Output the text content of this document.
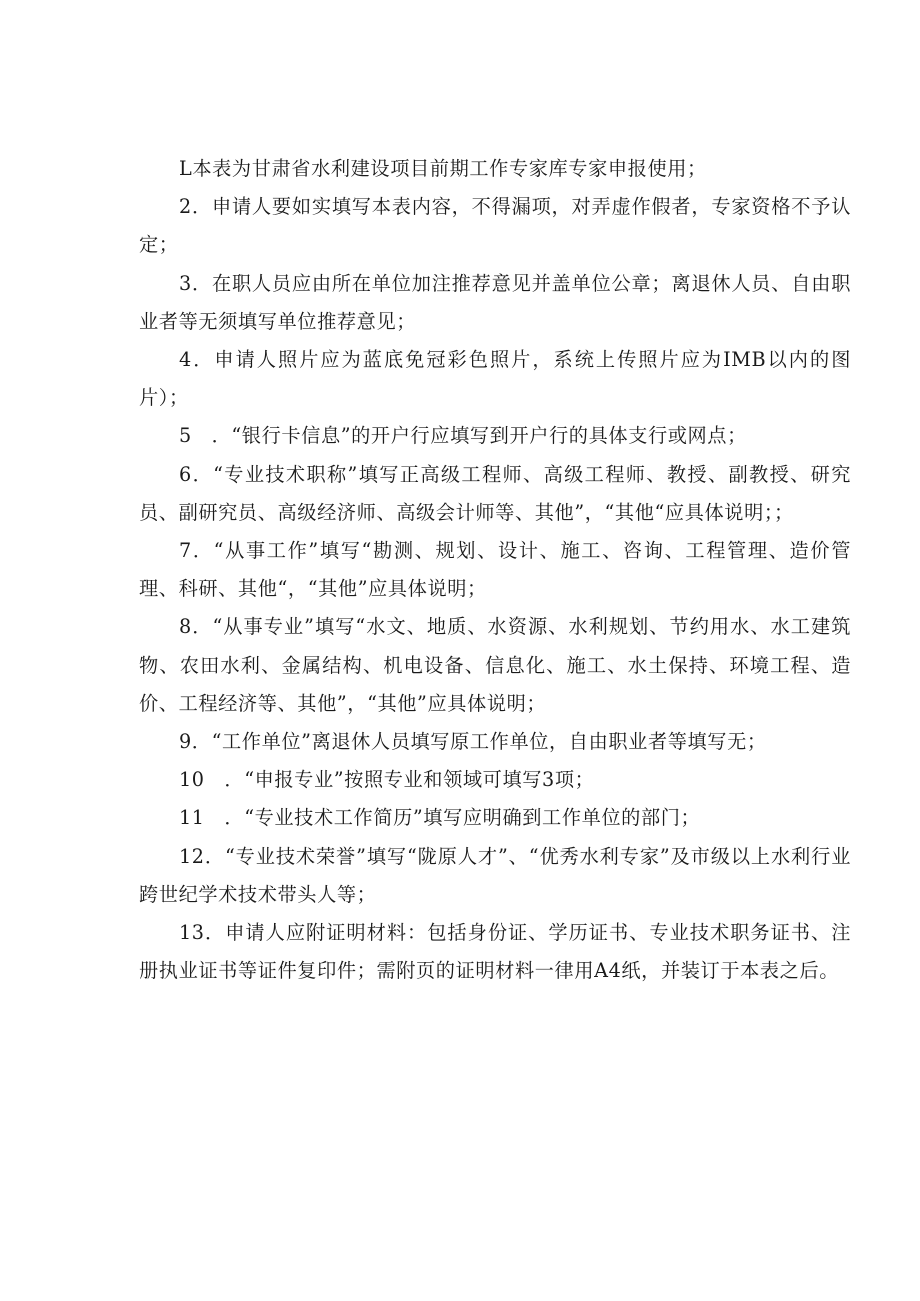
L本表为甘肃省水利建设项目前期工作专家库专家申报使用；

2．申请人要如实填写本表内容，不得漏项，对弄虚作假者，专家资格不予认定；

3．在职人员应由所在单位加注推荐意见并盖单位公章；离退休人员、自由职业者等无须填写单位推荐意见；

4．申请人照片应为蓝底免冠彩色照片，系统上传照片应为IMB以内的图片）；

5　．“银行卡信息”的开户行应填写到开户行的具体支行或网点；

6．“专业技术职称”填写正高级工程师、高级工程师、教授、副教授、研究员、副研究员、高级经济师、高级会计师等、其他”，“其他“应具体说明；；

7．“从事工作”填写“勘测、规划、设计、施工、咨询、工程管理、造价管理、科研、其他“，“其他”应具体说明；

8．“从事专业”填写“水文、地质、水资源、水利规划、节约用水、水工建筑物、农田水利、金属结构、机电设备、信息化、施工、水土保持、环境工程、造价、工程经济等、其他”，“其他”应具体说明；

9．“工作单位”离退休人员填写原工作单位，自由职业者等填写无；

10　．“申报专业”按照专业和领域可填写3项；

11　．“专业技术工作简历”填写应明确到工作单位的部门；

12．“专业技术荣誉”填写“陇原人才”、“优秀水利专家”及市级以上水利行业跨世纪学术技术带头人等；

13．申请人应附证明材料：包括身份证、学历证书、专业技术职务证书、注册执业证书等证件复印件；需附页的证明材料一律用A4纸，并装订于本表之后。
